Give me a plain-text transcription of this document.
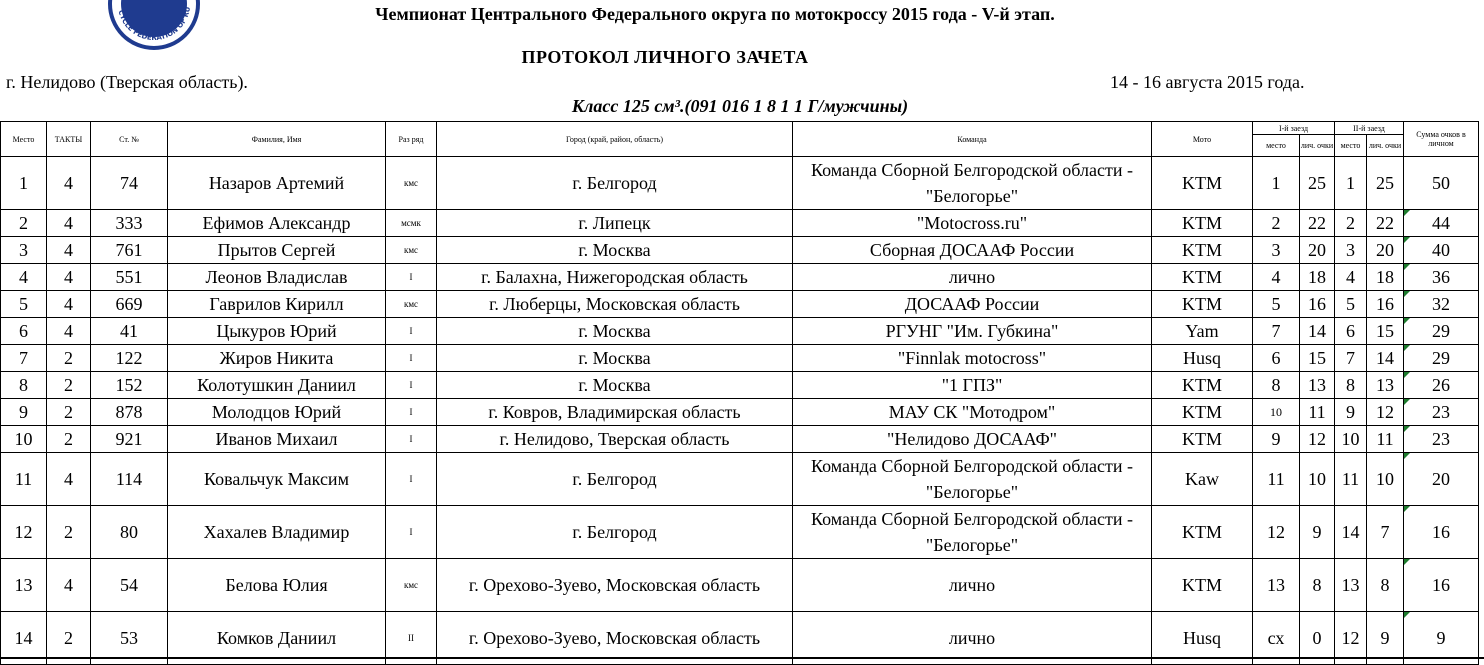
CYCLE FEDERATION OF RU	Чемпионат Центрального Федерального округа по мотокроссу 2015 года - V-й этап.
ПРОТОКОЛ ЛИЧНОГО ЗАЧЕТА
г. Нелидово (Тверская область).	14 - 16 августа 2015 года.
Класс 125 см³.(091 016 1 8 1 1 Г/мужчины)
Место	ТАКТЫ	Ст. №	Фамилия, Имя	Раз ряд	Город (край, район, область)	Команда	Мото	I-й заезд		II-й заезд		Сумма очков в личном
								место	лич. очки	место	лич. очки	
1	4	74	Назаров Артемий	кмс	г. Белгород	Команда Сборной Белгородской области - "Белогорье"	KTM	1	25	1	25	50
2	4	333	Ефимов Александр	мсмк	г. Липецк	"Motocross.ru"	KTM	2	22	2	22	44

3	4	761	Прытов Сергей	кмс	г. Москва	Сборная ДОСААФ России	KTM	3	20	3	20	40

4	4	551	Леонов Владислав	I	г. Балахна, Нижегородская область	лично	KTM	4	18	4	18	36

5	4	669	Гаврилов Кирилл	кмс	г. Люберцы, Московская область	ДОСААФ России	KTM	5	16	5	16	32

6	4	41	Цыкуров Юрий	I	г. Москва	РГУНГ "Им. Губкина"	Yam	7	14	6	15	29

7	2	122	Жиров Никита	I	г. Москва	"Finnlak motocross"	Husq	6	15	7	14	29

8	2	152	Колотушкин Даниил	I	г. Москва	"1 ГПЗ"	KTM	8	13	8	13	26

9	2	878	Молодцов Юрий	I	г. Ковров, Владимирская область	МАУ СК "Мотодром"	KTM	10	11	9	12	23

10	2	921	Иванов Михаил	I	г. Нелидово, Тверская область	"Нелидово ДОСААФ"	KTM	9	12	10	11	23

11	4	114	Ковальчук Максим	I	г. Белгород	Команда Сборной Белгородской области - "Белогорье"	Kaw	11	10	11	10	20

12	2	80	Хахалев Владимир	I	г. Белгород	Команда Сборной Белгородской области - "Белогорье"	KTM	12	9	14	7	16

13	4	54	Белова Юлия	кмс	г. Орехово-Зуево, Московская область	лично	KTM	13	8	13	8	16

14	2	53	Комков Даниил	II	г. Орехово-Зуево, Московская область	лично	Husq	сх	0	12	9	9
